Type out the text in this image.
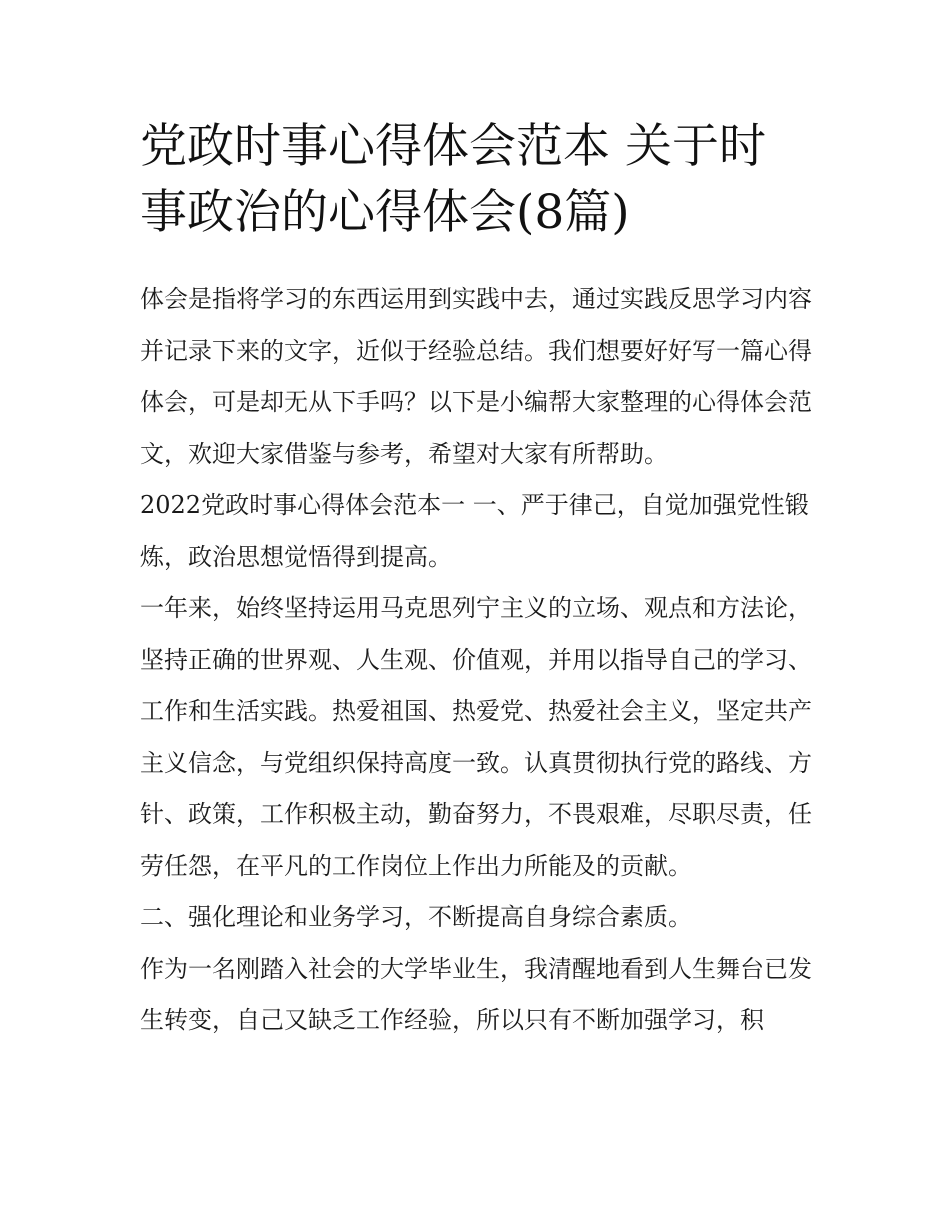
党政时事心得体会范本 关于时事政治的心得体会(8篇)

体会是指将学习的东西运用到实践中去，通过实践反思学习内容并记录下来的文字，近似于经验总结。我们想要好好写一篇心得体会，可是却无从下手吗？以下是小编帮大家整理的心得体会范文，欢迎大家借鉴与参考，希望对大家有所帮助。

2022党政时事心得体会范本一 一、严于律己，自觉加强党性锻炼，政治思想觉悟得到提高。

一年来，始终坚持运用马克思列宁主义的立场、观点和方法论，坚持正确的世界观、人生观、价值观，并用以指导自己的学习、工作和生活实践。热爱祖国、热爱党、热爱社会主义，坚定共产主义信念，与党组织保持高度一致。认真贯彻执行党的路线、方针、政策，工作积极主动，勤奋努力，不畏艰难，尽职尽责，任劳任怨，在平凡的工作岗位上作出力所能及的贡献。

二、强化理论和业务学习，不断提高自身综合素质。

作为一名刚踏入社会的大学毕业生，我清醒地看到人生舞台已发生转变，自己又缺乏工作经验，所以只有不断加强学习，积
